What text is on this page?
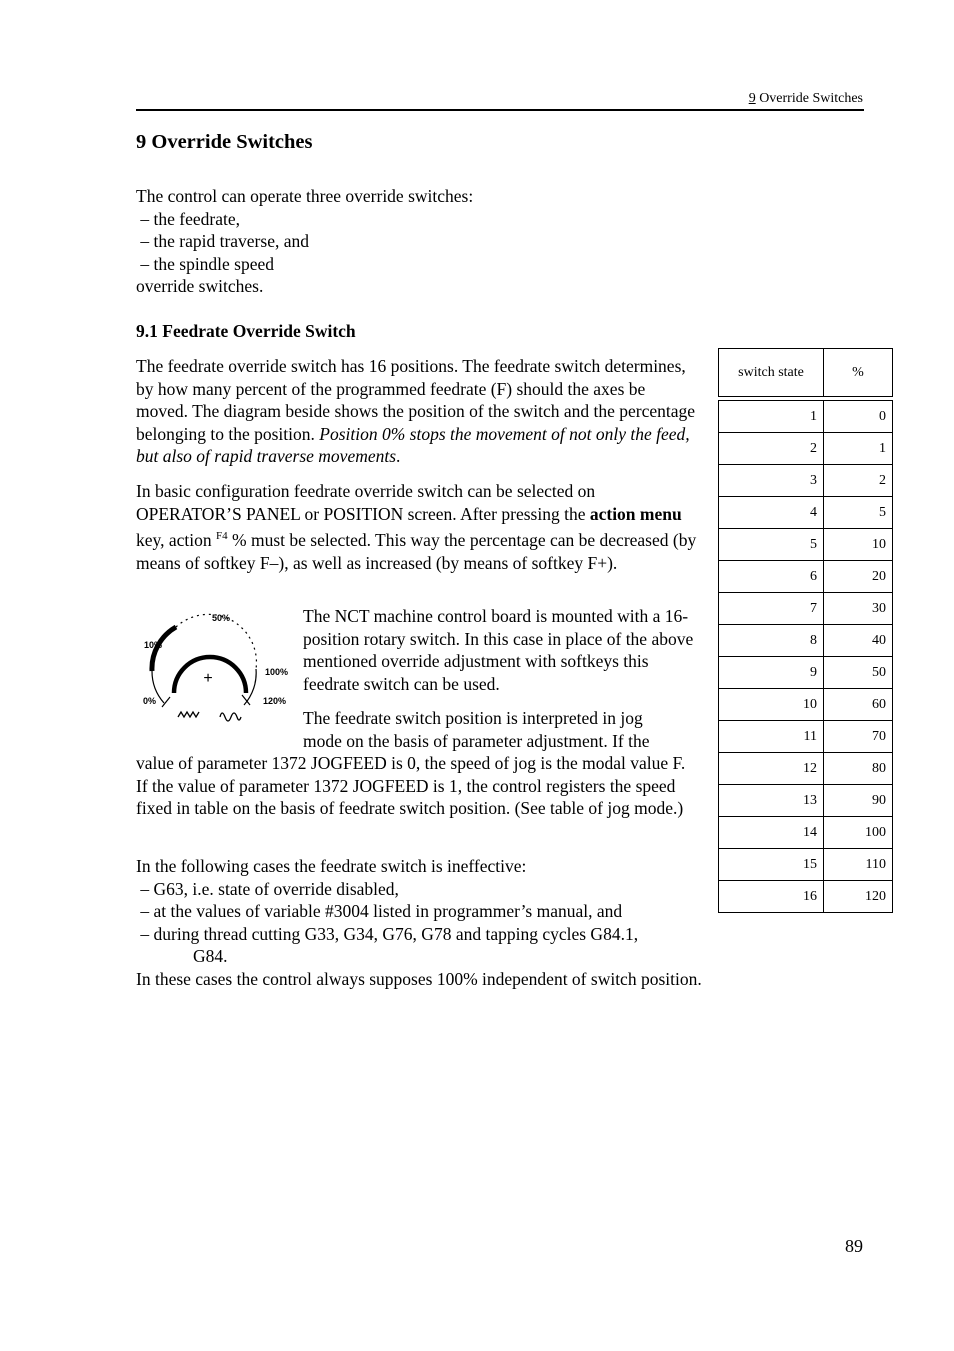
9 Override Switches
9 Override Switches
The control can operate three override switches:
– the feedrate,
– the rapid traverse, and
– the spindle speed
override switches.
9.1 Feedrate Override Switch

The feedrate override switch has 16 positions. The feedrate switch determines, by how many percent of the programmed feedrate (F) should the axes be moved. The diagram beside shows the position of the switch and the percentage belonging to the position. Position 0% stops the movement of not only the feed, but also of rapid traverse movements.

In basic configuration feedrate override switch can be selected on OPERATOR’S PANEL or POSITION screen. After pressing the action menu key, action $^{F4}$ % must be selected. This way the percentage can be decreased (by means of softkey F–), as well as increased (by means of softkey F+).

+
50%
10%
100%
0%	120%
The NCT machine control board is mounted with a 16-position rotary switch. In this case in place of the above mentioned override adjustment with softkeys this feedrate switch can be used.
The feedrate switch position is interpreted in jog
mode on the basis of parameter adjustment. If the
value of parameter 1372 JOGFEED is 0, the speed of jog is the modal value F. If the value of parameter 1372 JOGFEED is 1, the control registers the speed fixed in table on the basis of feedrate switch position. (See table of jog mode.)
In the following cases the feedrate switch is ineffective:
– G63, i.e. state of override disabled,
– at the values of variable #3004 listed in programmer’s manual, and
– during thread cutting G33, G34, G76, G78 and tapping cycles G84.1,
G84.
In these cases the control always supposes 100% independent of switch position.
switch state	%

1	0
2	1
3	2
4	5
5	10
6	20
7	30
8	40
9	50
10	60
11	70
12	80
13	90
14	100
15	110
16	120
89
